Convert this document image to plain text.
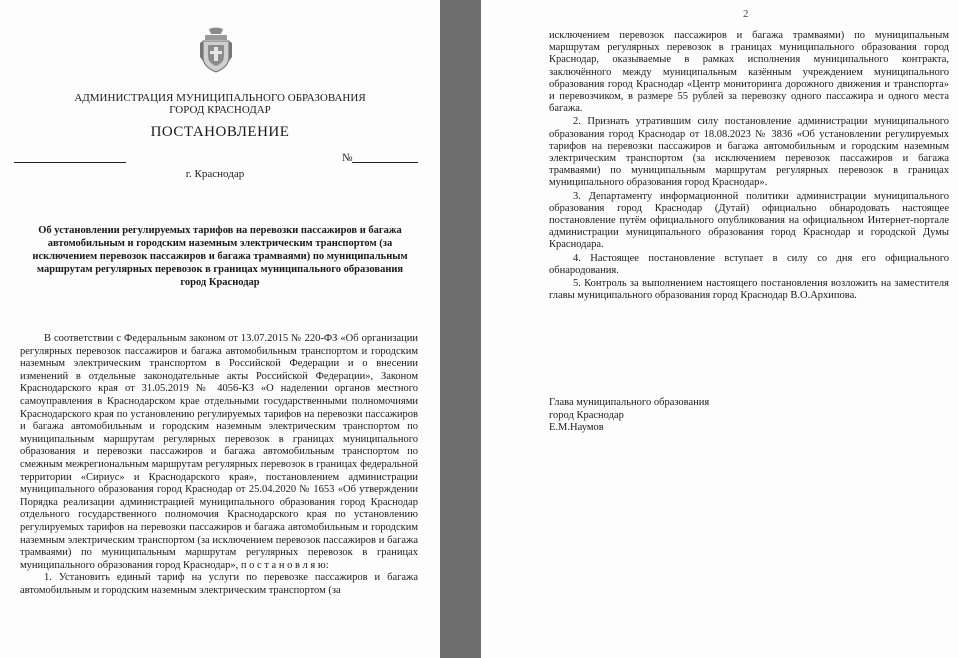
АДМИНИСТРАЦИЯ МУНИЦИПАЛЬНОГО ОБРАЗОВАНИЯ
ГОРОД КРАСНОДАР
ПОСТАНОВЛЕНИЕ
№
г. Краснодар
Об установлении регулируемых тарифов на перевозки пассажиров и багажа автомобильным и городским наземным электрическим транспортом (за исключением перевозок пассажиров и багажа трамваями) по муниципальным маршрутам регулярных перевозок в границах муниципального образования город Краснодар

В соответствии с Федеральным законом от 13.07.2015 № 220-ФЗ «Об организации регулярных перевозок пассажиров и багажа автомобильным транспортом и городским наземным электрическим транспортом в Российской Федерации и о внесении изменений в отдельные законодательные акты Российской Федерации», Законом Краснодарского края от 31.05.2019 № 4056-КЗ «О наделении органов местного самоуправления в Краснодарском крае отдельными государственными полномочиями Краснодарского края по установлению регулируемых тарифов на перевозки пассажиров и багажа автомобильным и городским наземным электрическим транспортом по муниципальным маршрутам регулярных перевозок в границах муниципального образования и перевозки пассажиров и багажа автомобильным транспортом по смежным межрегиональным маршрутам регулярных перевозок в границах федеральной территории «Сириус» и Краснодарского края», постановлением администрации муниципального образования город Краснодар от 25.04.2020 № 1653 «Об утверждении Порядка реализации администрацией муниципального образования город Краснодар отдельного государственного полномочия Краснодарского края по установлению регулируемых тарифов на перевозки пассажиров и багажа автомобильным и городским наземным электрическим транспортом (за исключением перевозок пассажиров и багажа трамваями) по муниципальным маршрутам регулярных перевозок в границах муниципального образования город Краснодар», п о с т а н о в л я ю:

1. Установить единый тариф на услуги по перевозке пассажиров и багажа автомобильным и городским наземным электрическим транспортом (за

2

исключением перевозок пассажиров и багажа трамваями) по муниципальным маршрутам регулярных перевозок в границах муниципального образования город Краснодар, оказываемые в рамках исполнения муниципального контракта, заключённого между муниципальным казённым учреждением муниципального образования город Краснодар «Центр мониторинга дорожного движения и транспорта» и перевозчиком, в размере 55 рублей за перевозку одного пассажира и одного места багажа.

2. Признать утратившим силу постановление администрации муниципального образования город Краснодар от 18.08.2023 № 3836 «Об установлении регулируемых тарифов на перевозки пассажиров и багажа автомобильным и городским наземным электрическим транспортом (за исключением перевозок пассажиров и багажа трамваями) по муниципальным маршрутам регулярных перевозок в границах муниципального образования город Краснодар».

3. Департаменту информационной политики администрации муниципального образования город Краснодар (Дутай) официально обнародовать настоящее постановление путём официального опубликования на официальном Интернет-портале администрации муниципального образования город Краснодар и городской Думы Краснодара.

4. Настоящее постановление вступает в силу со дня его официального обнародования.

5. Контроль за выполнением настоящего постановления возложить на заместителя главы муниципального образования город Краснодар В.О.Архипова.

Глава муниципального образования
город Краснодар
Е.М.Наумов
